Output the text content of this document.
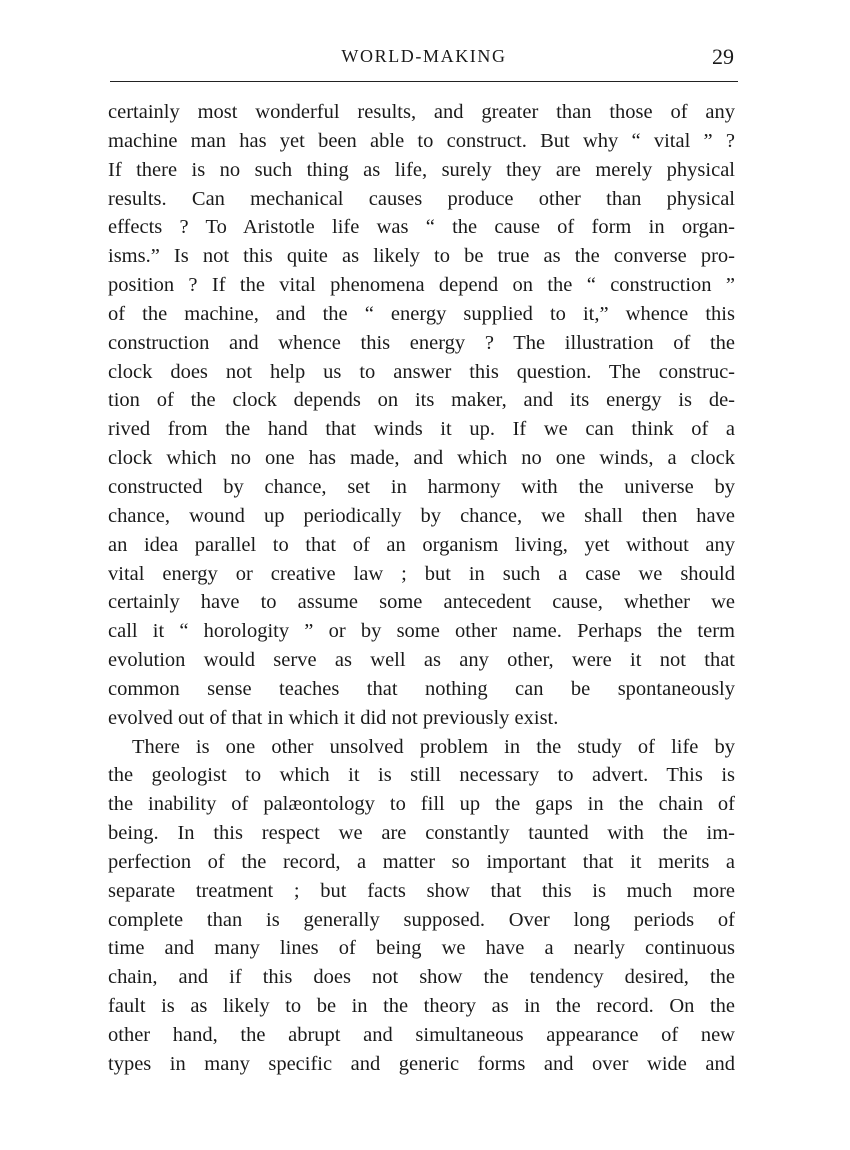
WORLD-MAKING	29
certainly most wonderful results, and greater than those of any
machine man has yet been able to construct. But why “ vital ” ?
If there is no such thing as life, surely they are merely physical
results. Can mechanical causes produce other than physical
effects ? To Aristotle life was “ the cause of form in organ-
isms.” Is not this quite as likely to be true as the converse pro-
position ? If the vital phenomena depend on the “ construction ”
of the machine, and the “ energy supplied to it,” whence this
construction and whence this energy ? The illustration of the
clock does not help us to answer this question. The construc-
tion of the clock depends on its maker, and its energy is de-
rived from the hand that winds it up. If we can think of a
clock which no one has made, and which no one winds, a clock
constructed by chance, set in harmony with the universe by
chance, wound up periodically by chance, we shall then have
an idea parallel to that of an organism living, yet without any
vital energy or creative law ; but in such a case we should
certainly have to assume some antecedent cause, whether we
call it “ horologity ” or by some other name. Perhaps the term
evolution would serve as well as any other, were it not that
common sense teaches that nothing can be spontaneously
evolved out of that in which it did not previously exist.
There is one other unsolved problem in the study of life by
the geologist to which it is still necessary to advert. This is
the inability of palæontology to fill up the gaps in the chain of
being. In this respect we are constantly taunted with the im-
perfection of the record, a matter so important that it merits a
separate treatment ; but facts show that this is much more
complete than is generally supposed. Over long periods of
time and many lines of being we have a nearly continuous
chain, and if this does not show the tendency desired, the
fault is as likely to be in the theory as in the record. On the
other hand, the abrupt and simultaneous appearance of new
types in many specific and generic forms and over wide and
